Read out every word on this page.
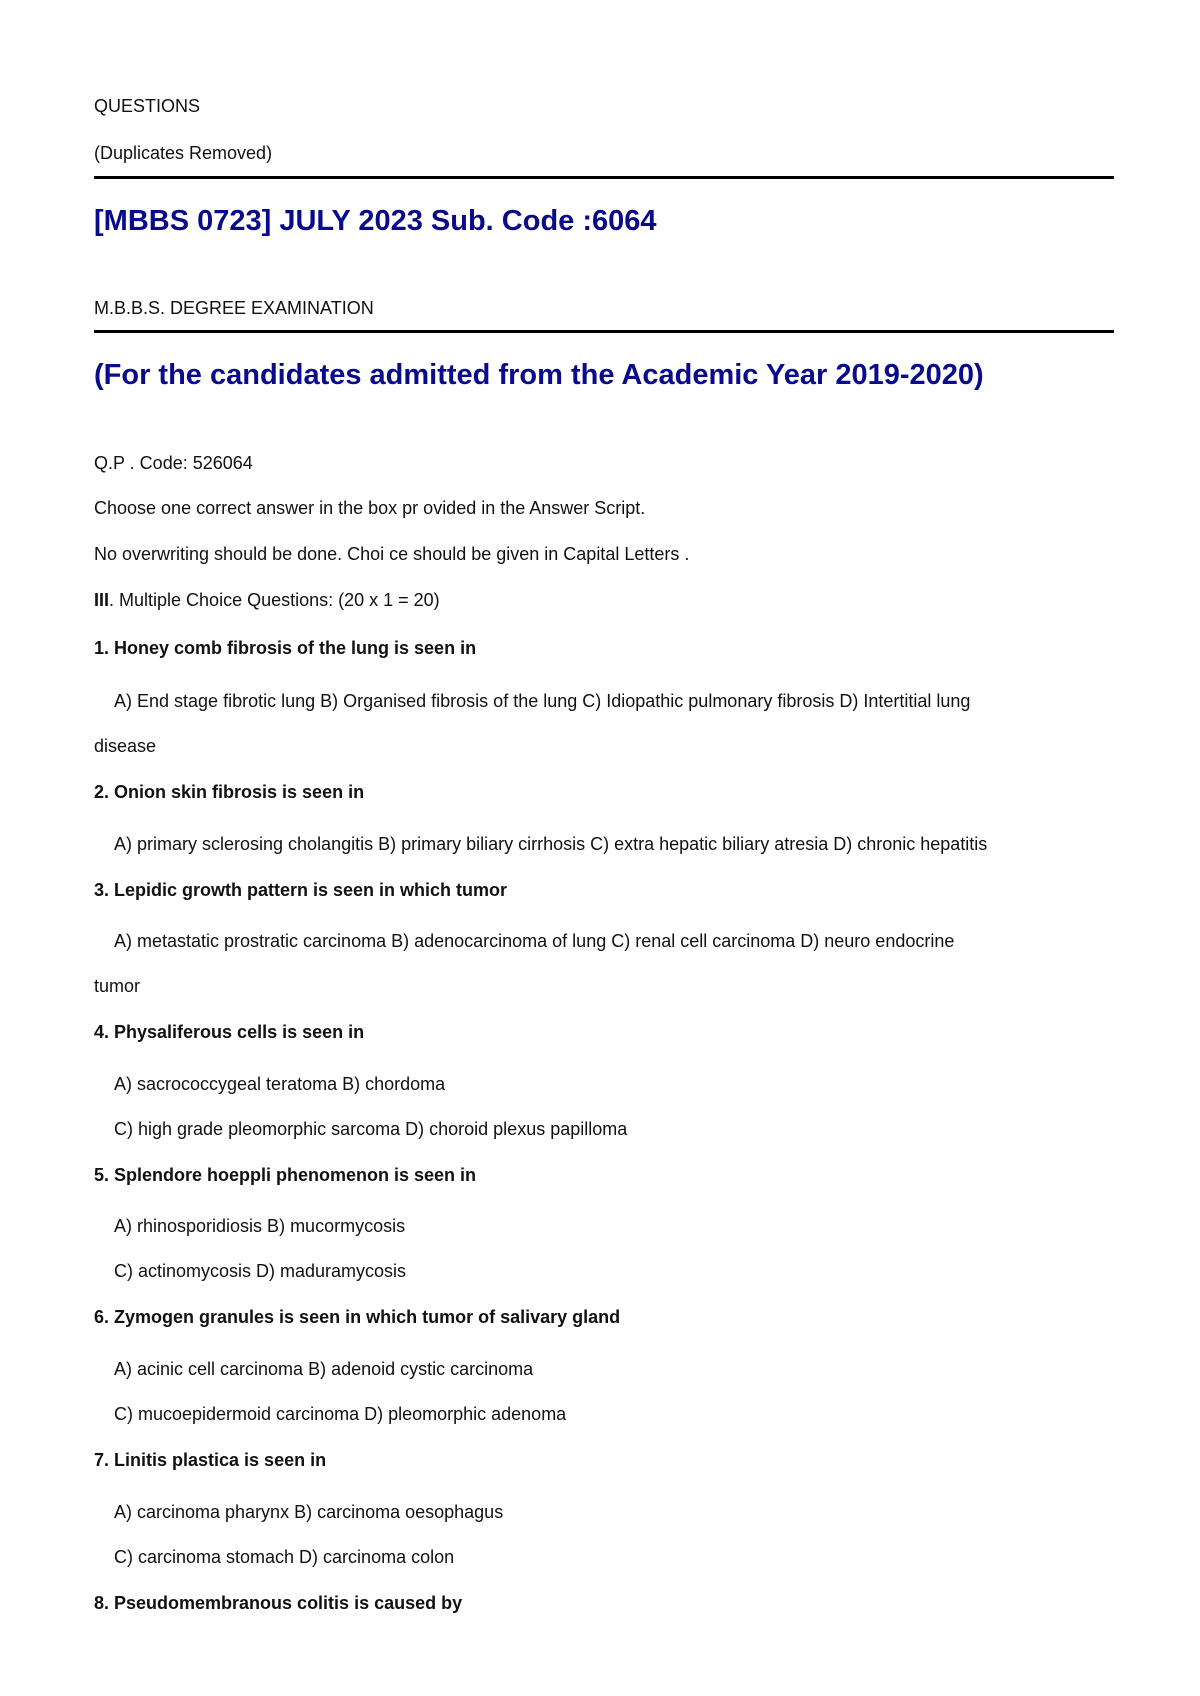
QUESTIONS
(Duplicates Removed)
[MBBS 0723] JULY 2023 Sub. Code :6064
M.B.B.S. DEGREE EXAMINATION
(For the candidates admitted from the Academic Year 2019-2020)
Q.P . Code: 526064
Choose one correct answer in the box pr ovided in the Answer Script.
No overwriting should be done. Choi ce should be given in Capital Letters .
III. Multiple Choice Questions: (20 x 1 = 20)
1. Honey comb fibrosis of the lung is seen in
A) End stage fibrotic lung B) Organised fibrosis of the lung C) Idiopathic pulmonary fibrosis D) Intertitial lung
disease
2. Onion skin fibrosis is seen in
A) primary sclerosing cholangitis B) primary biliary cirrhosis C) extra hepatic biliary atresia D) chronic hepatitis
3. Lepidic growth pattern is seen in which tumor
A) metastatic prostratic carcinoma B) adenocarcinoma of lung C) renal cell carcinoma D) neuro endocrine
tumor
4. Physaliferous cells is seen in
A) sacrococcygeal teratoma B) chordoma
C) high grade pleomorphic sarcoma D) choroid plexus papilloma
5. Splendore hoeppli phenomenon is seen in
A) rhinosporidiosis B) mucormycosis
C) actinomycosis D) maduramycosis
6. Zymogen granules is seen in which tumor of salivary gland
A) acinic cell carcinoma B) adenoid cystic carcinoma
C) mucoepidermoid carcinoma D) pleomorphic adenoma
7. Linitis plastica is seen in
A) carcinoma pharynx B) carcinoma oesophagus
C) carcinoma stomach D) carcinoma colon
8. Pseudomembranous colitis is caused by
